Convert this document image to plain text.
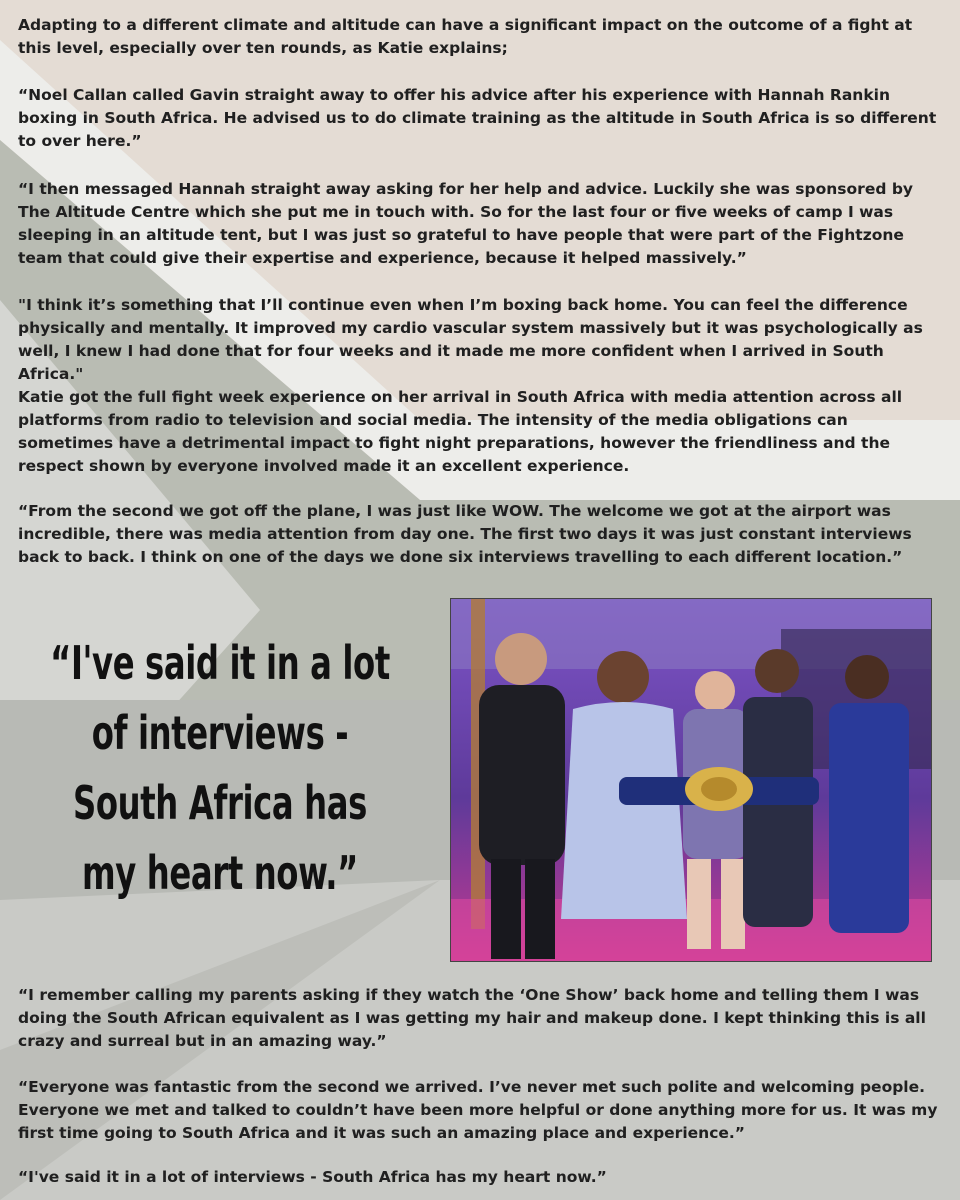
Adapting to a different climate and altitude can have a significant impact on the outcome of a fight at this level, especially over ten rounds, as Katie explains;

“Noel Callan called Gavin straight away to offer his advice after his experience with Hannah Rankin boxing in South Africa. He advised us to do climate training as the altitude in South Africa is so different to over here.”

“I then messaged Hannah straight away asking for her help and advice. Luckily she was sponsored by The Altitude Centre which she put me in touch with. So for the last four or five weeks of camp I was sleeping in an altitude tent, but I was just so grateful to have people that were part of the Fightzone team that could give their expertise and experience, because it helped massively.”

"I think it’s something that I’ll continue even when I’m boxing back home. You can feel the difference physically and mentally. It improved my cardio vascular system massively but it was psychologically as well, I knew I had done that for four weeks and it made me more confident when I arrived in South Africa."

Katie got the full fight week experience on her arrival in South Africa with media attention across all platforms from radio to television and social media. The intensity of the media obligations can sometimes have a detrimental impact to fight night preparations, however the friendliness and the respect shown by everyone involved made it an excellent experience.

“From the second we got off the plane, I was just like WOW. The welcome we got at the airport was incredible, there was media attention from day one. The first two days it was just constant interviews back to back. I think on one of the days we done six interviews travelling to each different location.”

“I've said it in a lot of interviews - South Africa has my heart now.”

“I remember calling my parents asking if they watch the ‘One Show’ back home and telling them I was doing the South African equivalent as I was getting my hair and makeup done. I kept thinking this is all crazy and surreal but in an amazing way.”

“Everyone was fantastic from the second we arrived. I’ve never met such polite and welcoming people. Everyone we met and talked to couldn’t have been more helpful or done anything more for us. It was my first time going to South Africa and it was such an amazing place and experience.”

“I've said it in a lot of interviews - South Africa has my heart now.”
